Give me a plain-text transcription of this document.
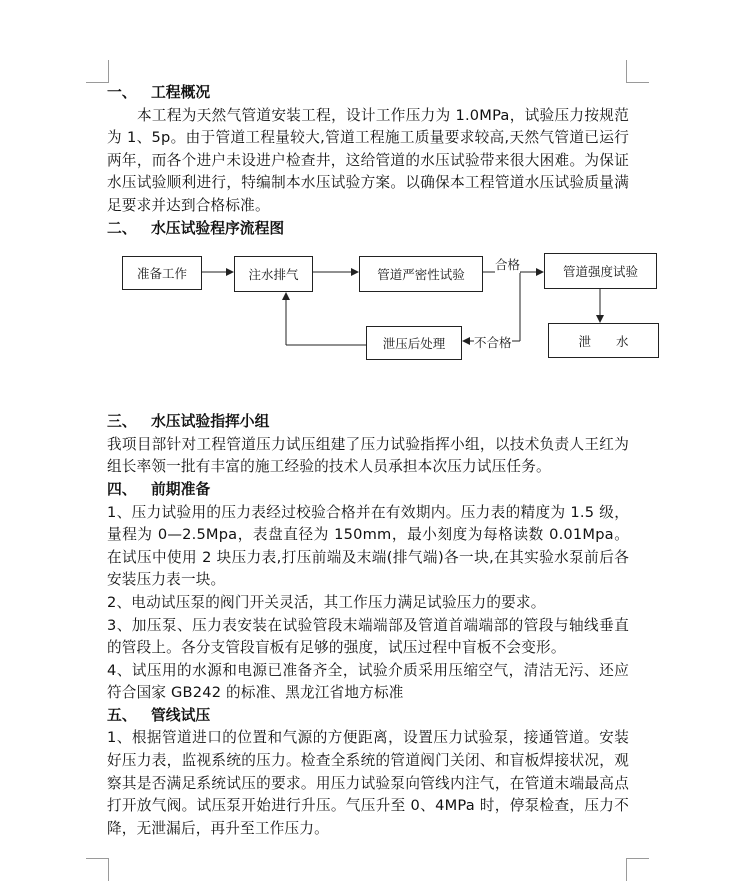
一、 工程概况

本工程为天然气管道安装工程，设计工作压力为 1.0MPa，试验压力按规范为 1、5p。由于管道工程量较大,管道工程施工质量要求较高,天然气管道已运行两年，而各个进户未设进户检查井，这给管道的水压试验带来很大困难。为保证水压试验顺利进行，特编制本水压试验方案。以确保本工程管道水压试验质量满足要求并达到合格标准。

二、 水压试验程序流程图

三、 水压试验指挥小组

我项目部针对工程管道压力试压组建了压力试验指挥小组，以技术负责人王红为组长率领一批有丰富的施工经验的技术人员承担本次压力试压任务。

四、 前期准备

1、压力试验用的压力表经过校验合格并在有效期内。压力表的精度为 1.5 级，量程为 0—2.5Mpa，表盘直径为 150mm，最小刻度为每格读数 0.01Mpa。在试压中使用 2 块压力表,打压前端及末端(排气端)各一块,在其实验水泵前后各安装压力表一块。

2、电动试压泵的阀门开关灵活，其工作压力满足试验压力的要求。

3、加压泵、压力表安装在试验管段末端端部及管道首端端部的管段与轴线垂直的管段上。各分支管段盲板有足够的强度，试压过程中盲板不会变形。

4、试压用的水源和电源已准备齐全，试验介质采用压缩空气，清洁无污、还应符合国家 GB242 的标准、黑龙江省地方标准

五、 管线试压

1、根据管道进口的位置和气源的方便距离，设置压力试验泵，接通管道。安装好压力表，监视系统的压力。检查全系统的管道阀门关闭、和盲板焊接状况，观察其是否满足系统试压的要求。用压力试验泵向管线内注气，在管道末端最高点打开放气阀。试压泵开始进行升压。气压升至 0、4MPa 时，停泵检查，压力不降，无泄漏后，再升至工作压力。

准备工作	注水排气	管道严密性试验	管道强度试验
泄　　水
泄压后处理
合格
不合格
